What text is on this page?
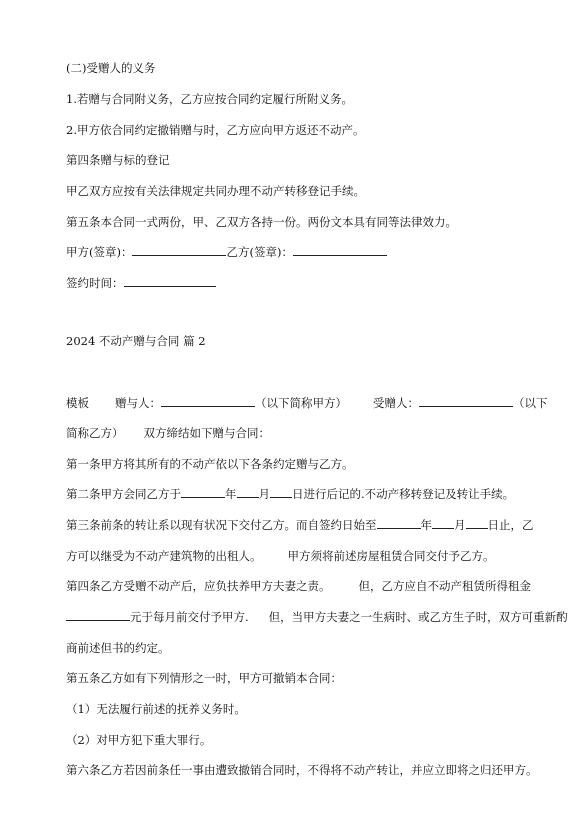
(二)受赠人的义务
1.若赠与合同附义务，乙方应按合同约定履行所附义务。
2.甲方依合同约定撤销赠与时，乙方应向甲方返还不动产。
第四条赠与标的登记
甲乙双方应按有关法律规定共同办理不动产转移登记手续。
第五条本合同一式两份，甲、乙双方各持一份。两份文本具有同等法律效力。
甲方(签章)：	乙方(签章)：
签约时间：
2024 不动产赠与合同 篇 2
模板 赠与人：	（以下简称甲方） 受赠人：	（以下
简称乙方） 双方缔结如下赠与合同：
第一条甲方将其所有的不动产依以下各条约定赠与乙方。
第二条甲方会同乙方于	年 月 日进行后记的.不动产移转登记及转让手续。
第三条前条的转让系以现有状况下交付乙方。而自签约日始至	年 月 日止，乙
方可以继受为不动产建筑物的出租人。 甲方须将前述房屋租赁合同交付予乙方。
第四条乙方受赠不动产后，应负扶养甲方夫妻之责。 但，乙方应自不动产租赁所得租金
元于每月前交付予甲方. 但，当甲方夫妻之一生病时、或乙方生子时，双方可重新酌
商前述但书的约定。
第五条乙方如有下列情形之一时，甲方可撤销本合同：
（1）无法履行前述的抚养义务时。
（2）对甲方犯下重大罪行。
第六条乙方若因前条任一事由遭致撤销合同时，不得将不动产转让，并应立即将之归还甲方。
